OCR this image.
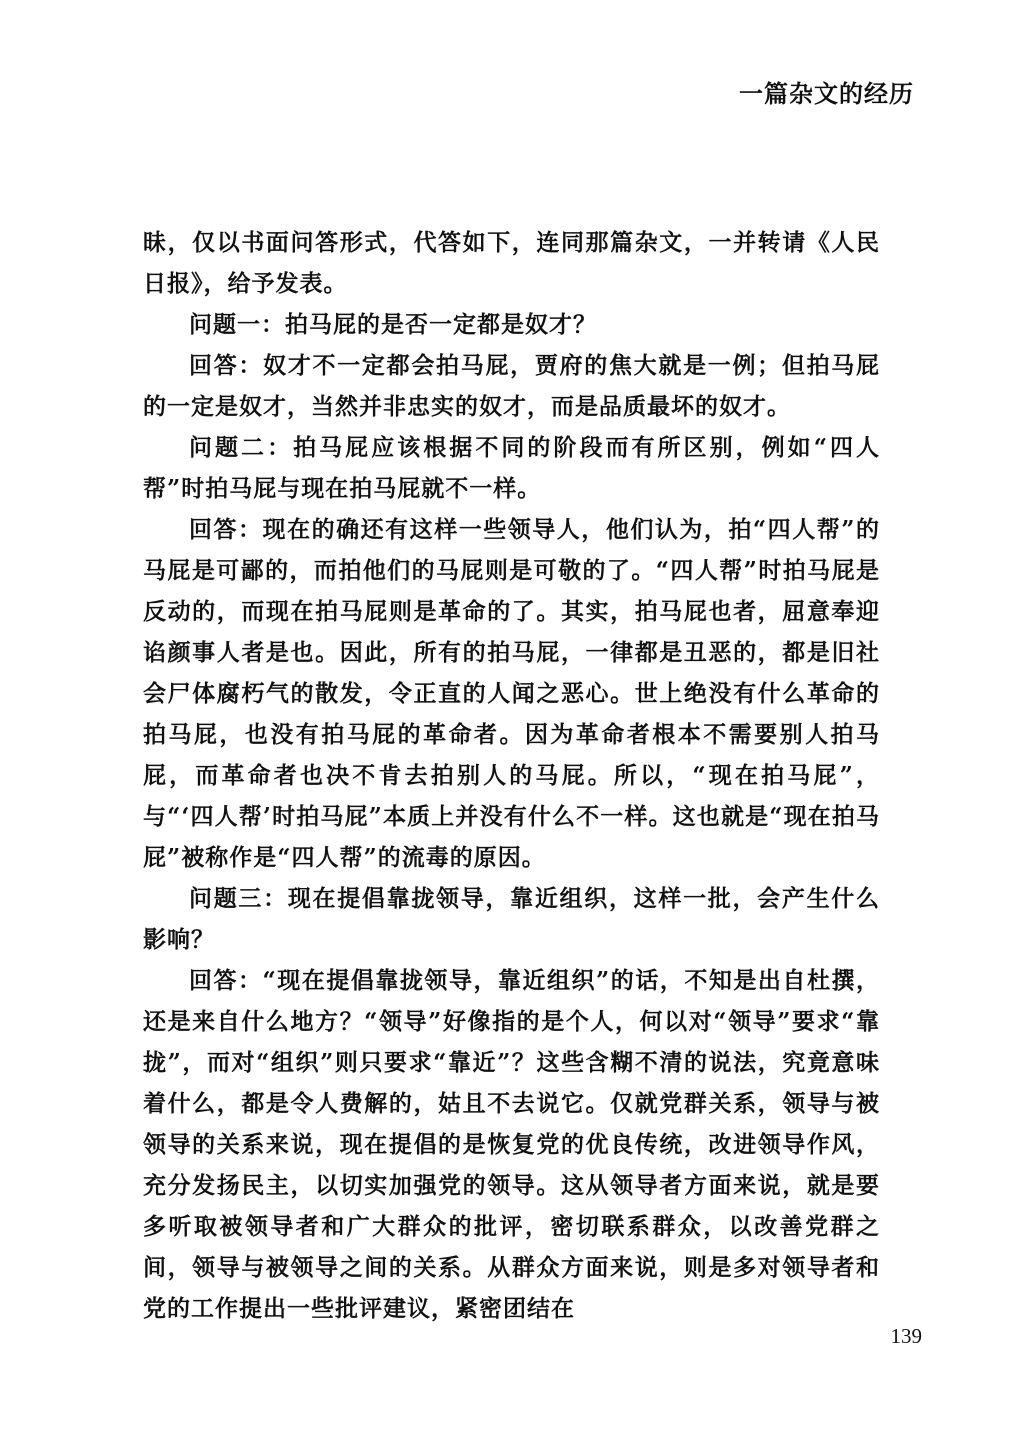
一篇杂文的经历

昧，仅以书面问答形式，代答如下，连同那篇杂文，一并转请《人民日报》，给予发表。

问题一：拍马屁的是否一定都是奴才？

回答：奴才不一定都会拍马屁，贾府的焦大就是一例；但拍马屁的一定是奴才，当然并非忠实的奴才，而是品质最坏的奴才。

问题二：拍马屁应该根据不同的阶段而有所区别，例如“四人帮”时拍马屁与现在拍马屁就不一样。

回答：现在的确还有这样一些领导人，他们认为，拍“四人帮”的马屁是可鄙的，而拍他们的马屁则是可敬的了。“四人帮”时拍马屁是反动的，而现在拍马屁则是革命的了。其实，拍马屁也者，屈意奉迎谄颜事人者是也。因此，所有的拍马屁，一律都是丑恶的，都是旧社会尸体腐朽气的散发，令正直的人闻之恶心。世上绝没有什么革命的拍马屁，也没有拍马屁的革命者。因为革命者根本不需要别人拍马屁，而革命者也决不肯去拍别人的马屁。所以，“现在拍马屁”，与“‘四人帮’时拍马屁”本质上并没有什么不一样。这也就是“现在拍马屁”被称作是“四人帮”的流毒的原因。

问题三：现在提倡靠拢领导，靠近组织，这样一批，会产生什么影响？

回答：“现在提倡靠拢领导，靠近组织”的话，不知是出自杜撰，还是来自什么地方？“领导”好像指的是个人，何以对“领导”要求“靠拢”，而对“组织”则只要求“靠近”？这些含糊不清的说法，究竟意味着什么，都是令人费解的，姑且不去说它。仅就党群关系，领导与被领导的关系来说，现在提倡的是恢复党的优良传统，改进领导作风，充分发扬民主，以切实加强党的领导。这从领导者方面来说，就是要多听取被领导者和广大群众的批评，密切联系群众，以改善党群之间，领导与被领导之间的关系。从群众方面来说，则是多对领导者和党的工作提出一些批评建议，紧密团结在

139
